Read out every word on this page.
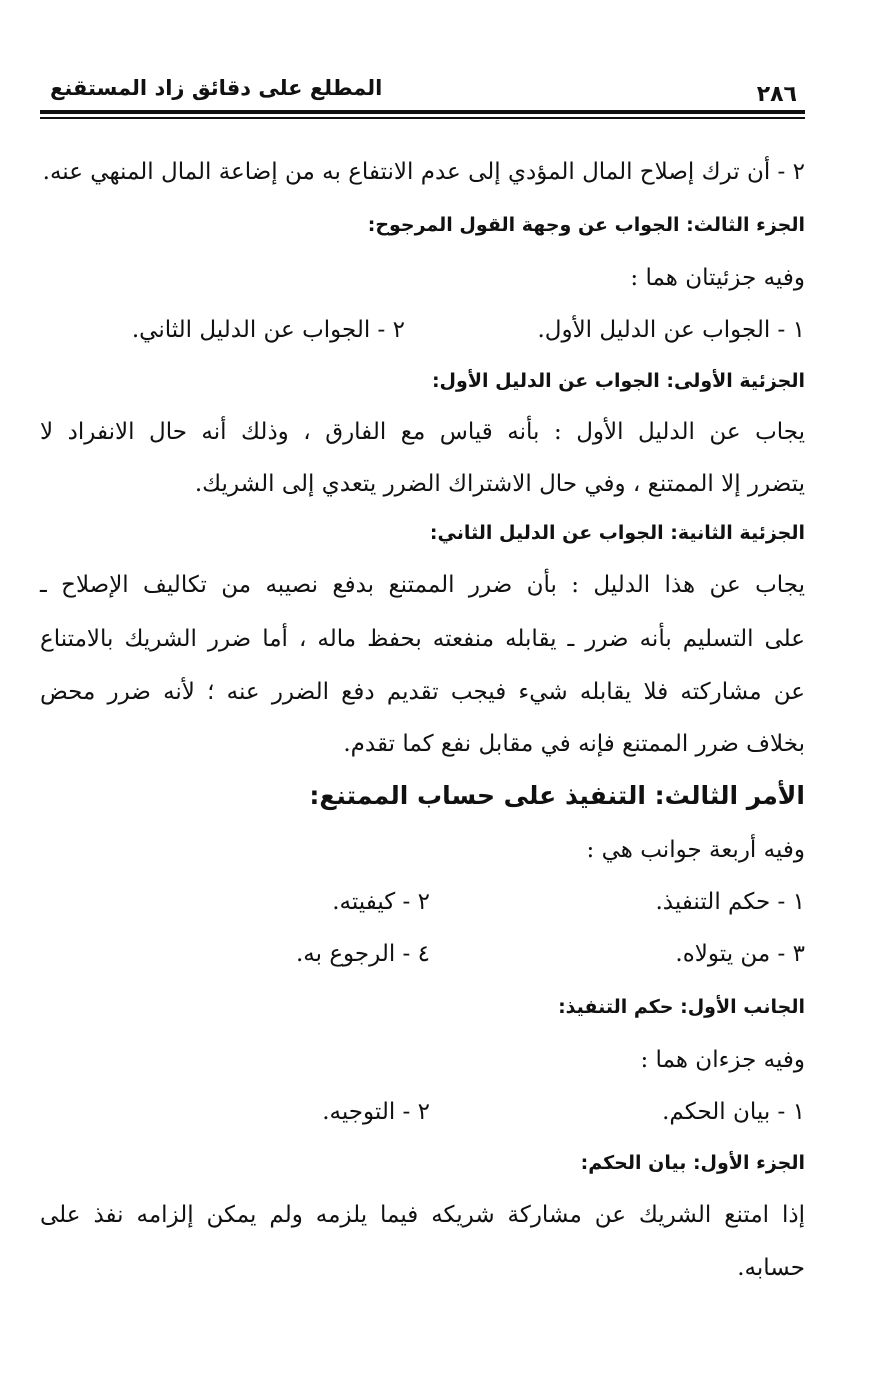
٢٨٦
المطلع على دقائق زاد المستقنع
٢ - أن ترك إصلاح المال المؤدي إلى عدم الانتفاع به من إضاعة المال المنهي عنه.
الجزء الثالث: الجواب عن وجهة القول المرجوح:
وفيه جزئيتان هما :
١ - الجواب عن الدليل الأول.
٢ - الجواب عن الدليل الثاني.
الجزئية الأولى: الجواب عن الدليل الأول:
يجاب عن الدليل الأول : بأنه قياس مع الفارق ، وذلك أنه حال الانفراد لا
يتضرر إلا الممتنع ، وفي حال الاشتراك الضرر يتعدي إلى الشريك.
الجزئية الثانية: الجواب عن الدليل الثاني:
يجاب عن هذا الدليل : بأن ضرر الممتنع بدفع نصيبه من تكاليف الإصلاح ـ
على التسليم بأنه ضرر ـ يقابله منفعته بحفظ ماله ، أما ضرر الشريك بالامتناع
عن مشاركته فلا يقابله شيء فيجب تقديم دفع الضرر عنه ؛ لأنه ضرر محض
بخلاف ضرر الممتنع فإنه في مقابل نفع كما تقدم.
الأمر الثالث: التنفيذ على حساب الممتنع:
وفيه أربعة جوانب هي :
١ - حكم التنفيذ.
٢ - كيفيته.
٣ - من يتولاه.
٤ - الرجوع به.
الجانب الأول: حكم التنفيذ:
وفيه جزءان هما :
١ - بيان الحكم.
٢ - التوجيه.
الجزء الأول: بيان الحكم:
إذا امتنع الشريك عن مشاركة شريكه فيما يلزمه ولم يمكن إلزامه نفذ على
حسابه.
